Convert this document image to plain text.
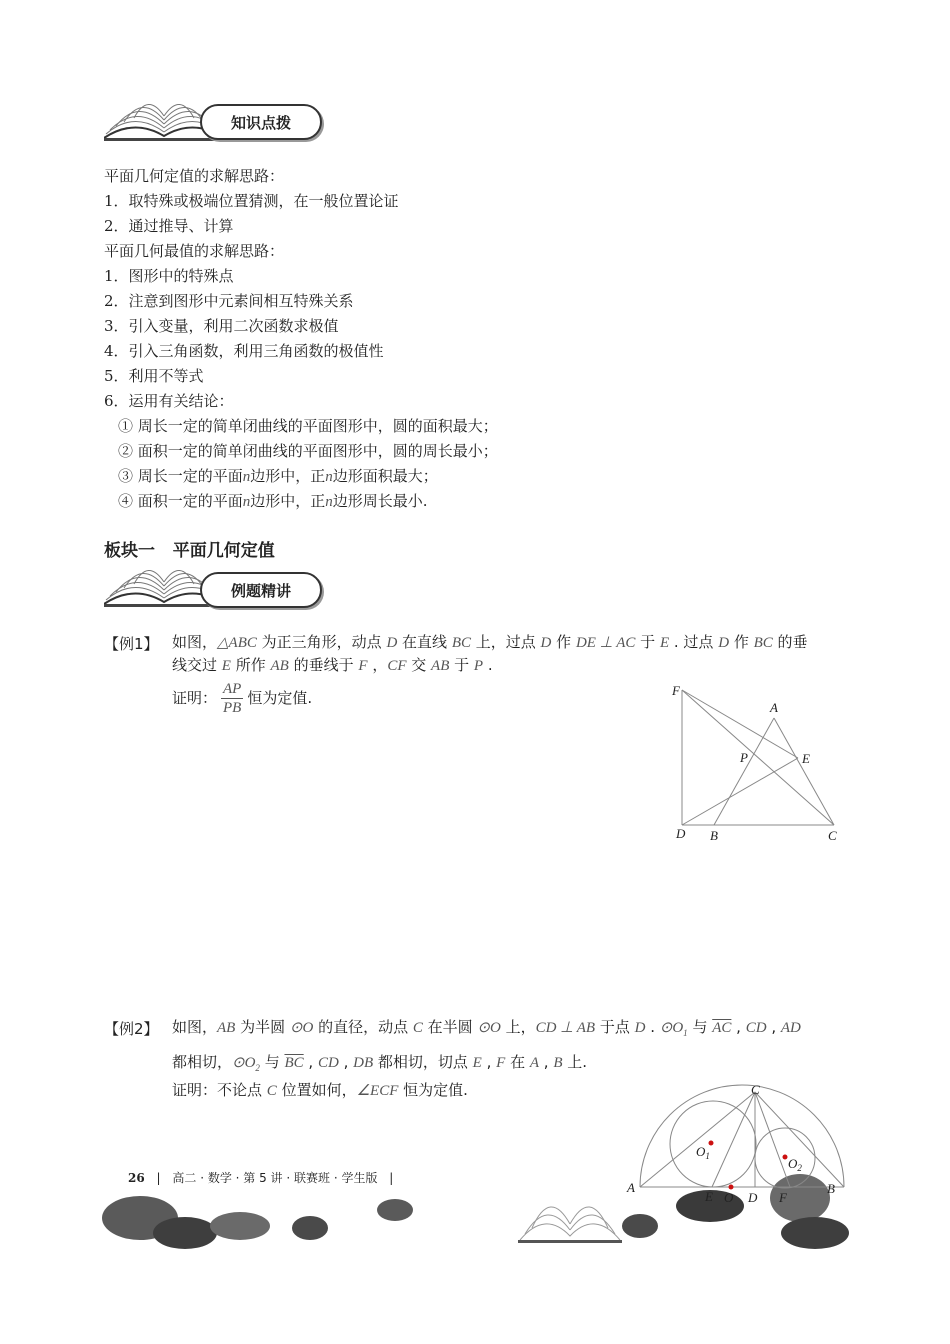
知识点拨
平面几何定值的求解思路：
1．取特殊或极端位置猜测，在一般位置论证
2．通过推导、计算
平面几何最值的求解思路：
1．图形中的特殊点
2．注意到图形中元素间相互特殊关系
3．引入变量，利用二次函数求极值
4．引入三角函数，利用三角函数的极值性
5．利用不等式
6．运用有关结论：
① 周长一定的简单闭曲线的平面图形中，圆的面积最大；
② 面积一定的简单闭曲线的平面图形中，圆的周长最小；
③ 周长一定的平面n边形中，正n边形面积最大；
④ 面积一定的平面n边形中，正n边形周长最小.
板块一   平面几何定值
例题精讲
【例1】 如图，△ABC 为正三角形，动点 D 在直线 BC 上，过点 D 作 DE ⊥ AC 于 E . 过点 D 作 BC 的垂
线交过 E 所作 AB 的垂线于 F ，CF 交 AB 于 P .
证明： $\frac{AP}{PB}$ 恒为定值.	F
A
P	E
D B	C
【例2】 如图，AB 为半圆 ⊙O 的直径，动点 C 在半圆 ⊙O 上，CD ⊥ AB 于点 D . $⊙O_1$ 与 $\overline{AC}$ , CD , AD
都相切，$⊙O_2$ 与 $\overline{BC}$ , CD , DB 都相切，切点 E , F 在 A , B 上.
证明：不论点 C 位置如何，∠ECF 恒为定值.
26 | 高二 · 数学 · 第 5 讲 · 联赛班 · 学生版 |
C
$O_1$	$O_2$
A
E O D F
B
